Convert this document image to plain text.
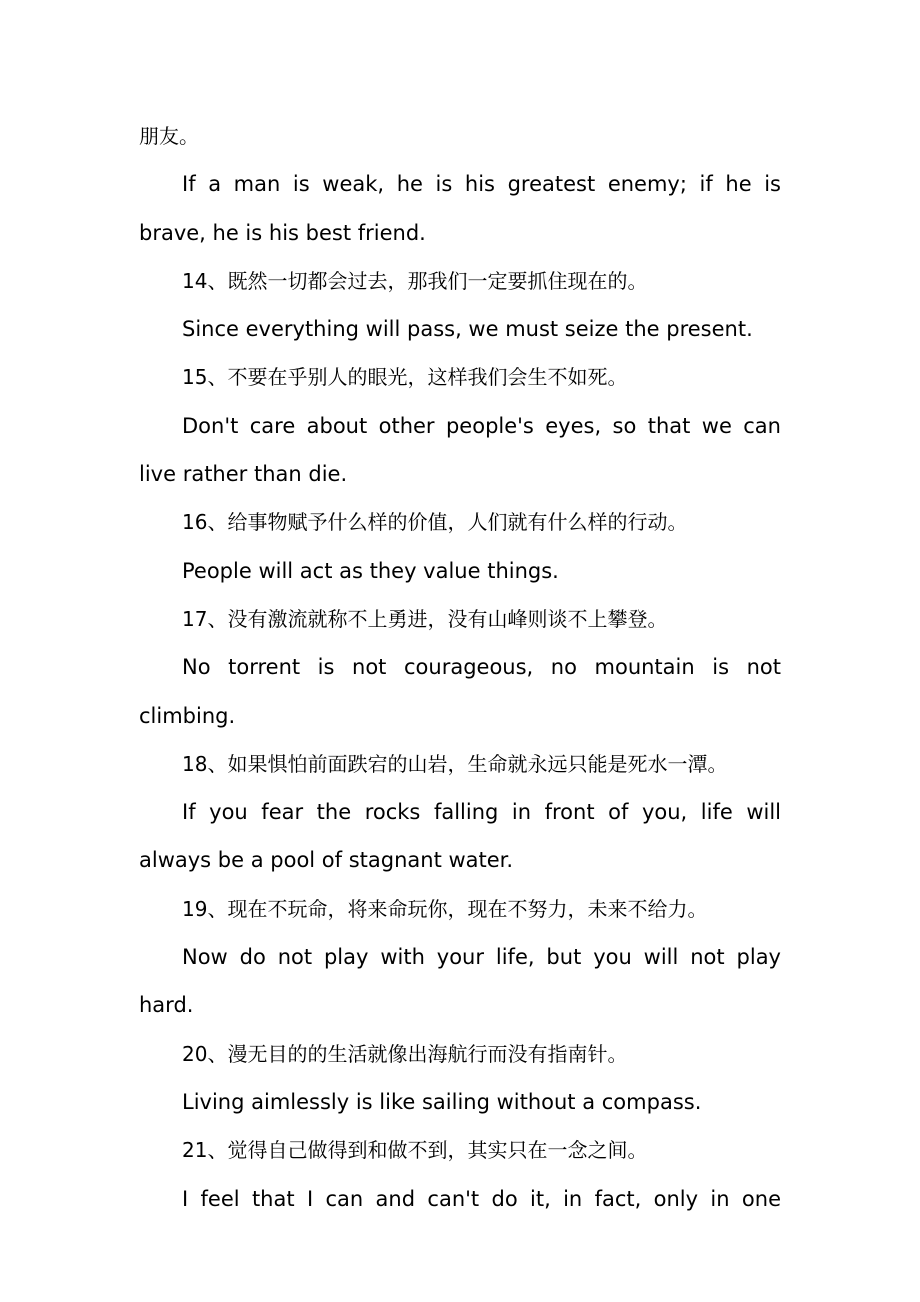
朋友。

If a man is weak, he is his greatest enemy; if he is brave, he is his best friend.

14、既然一切都会过去，那我们一定要抓住现在的。

Since everything will pass, we must seize the present.

15、不要在乎别人的眼光，这样我们会生不如死。

Don't care about other people's eyes, so that we can live rather than die.

16、给事物赋予什么样的价值，人们就有什么样的行动。

People will act as they value things.

17、没有激流就称不上勇进，没有山峰则谈不上攀登。

No torrent is not courageous, no mountain is not climbing.

18、如果惧怕前面跌宕的山岩，生命就永远只能是死水一潭。

If you fear the rocks falling in front of you, life will always be a pool of stagnant water.

19、现在不玩命，将来命玩你，现在不努力，未来不给力。

Now do not play with your life, but you will not play hard.

20、漫无目的的生活就像出海航行而没有指南针。

Living aimlessly is like sailing without a compass.

21、觉得自己做得到和做不到，其实只在一念之间。

I feel that I can and can't do it, in fact, only in one
